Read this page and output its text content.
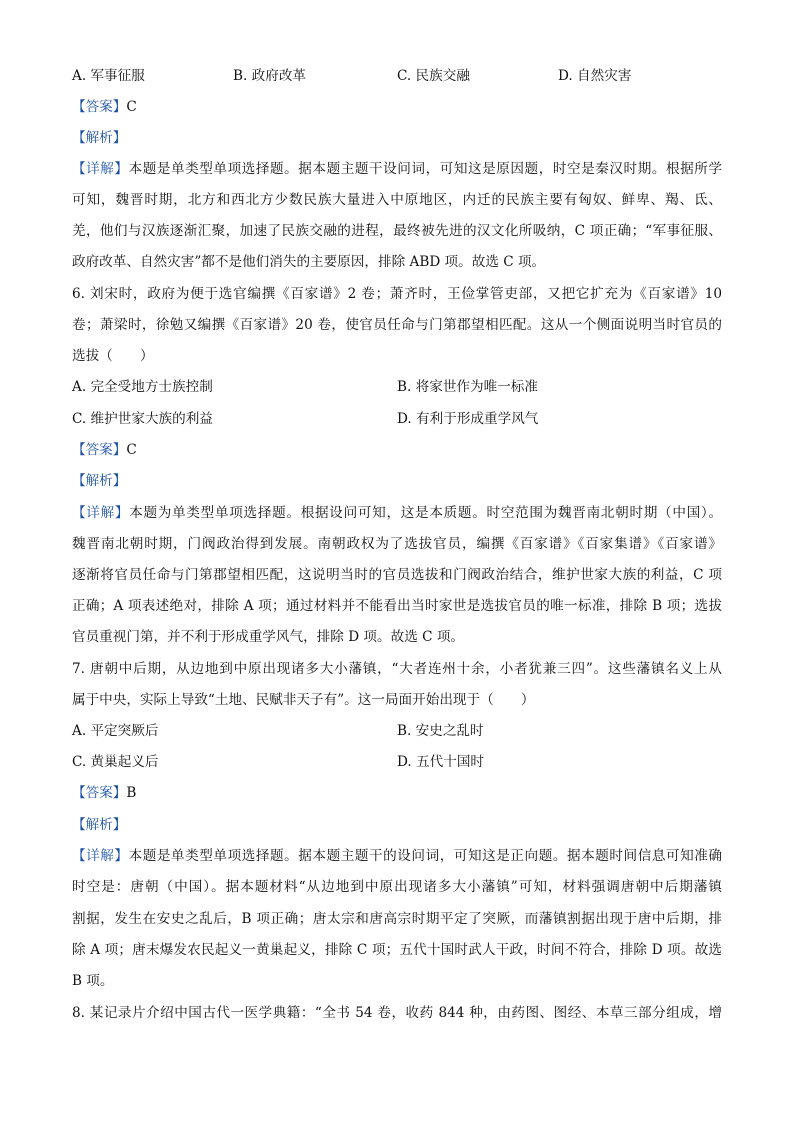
A. 军事征服	B. 政府改革	C. 民族交融	D. 自然灾害
【答案】C
【解析】
【详解】本题是单类型单项选择题。据本题主题干设问词，可知这是原因题，时空是秦汉时期。根据所学
可知，魏晋时期，北方和西北方少数民族大量进入中原地区，内迁的民族主要有匈奴、鲜卑、羯、氐、
羌，他们与汉族逐渐汇聚，加速了民族交融的进程，最终被先进的汉文化所吸纳，C 项正确；“军事征服、
政府改革、自然灾害”都不是他们消失的主要原因，排除 ABD 项。故选 C 项。
6. 刘宋时，政府为便于选官编撰《百家谱》2 卷；萧齐时，王俭掌管吏部，又把它扩充为《百家谱》10
卷；萧梁时，徐勉又编撰《百家谱》20 卷，使官员任命与门第郡望相匹配。这从一个侧面说明当时官员的
选拔（　　）
A. 完全受地方士族控制	B. 将家世作为唯一标准
C. 维护世家大族的利益	D. 有利于形成重学风气
【答案】C
【解析】
【详解】本题为单类型单项选择题。根据设问可知，这是本质题。时空范围为魏晋南北朝时期（中国）。
魏晋南北朝时期，门阀政治得到发展。南朝政权为了选拔官员，编撰《百家谱》《百家集谱》《百家谱》
逐渐将官员任命与门第郡望相匹配，这说明当时的官员选拔和门阀政治结合，维护世家大族的利益，C 项
正确；A 项表述绝对，排除 A 项；通过材料并不能看出当时家世是选拔官员的唯一标准，排除 B 项；选拔
官员重视门第，并不利于形成重学风气，排除 D 项。故选 C 项。
7. 唐朝中后期，从边地到中原出现诸多大小藩镇，“大者连州十余，小者犹兼三四”。这些藩镇名义上从
属于中央，实际上导致“土地、民赋非天子有”。这一局面开始出现于（　　）
A. 平定突厥后	B. 安史之乱时
C. 黄巢起义后	D. 五代十国时
【答案】B
【解析】
【详解】本题是单类型单项选择题。据本题主题干的设问词，可知这是正向题。据本题时间信息可知准确
时空是：唐朝（中国）。据本题材料“从边地到中原出现诸多大小藩镇”可知，材料强调唐朝中后期藩镇
割据，发生在安史之乱后，B 项正确；唐太宗和唐高宗时期平定了突厥，而藩镇割据出现于唐中后期，排
除 A 项；唐末爆发农民起义一黄巢起义，排除 C 项；五代十国时武人干政，时间不符合，排除 D 项。故选
B 项。
8. 某记录片介绍中国古代一医学典籍：“全书 54 卷，收药 844 种，由药图、图经、本草三部分组成，增
